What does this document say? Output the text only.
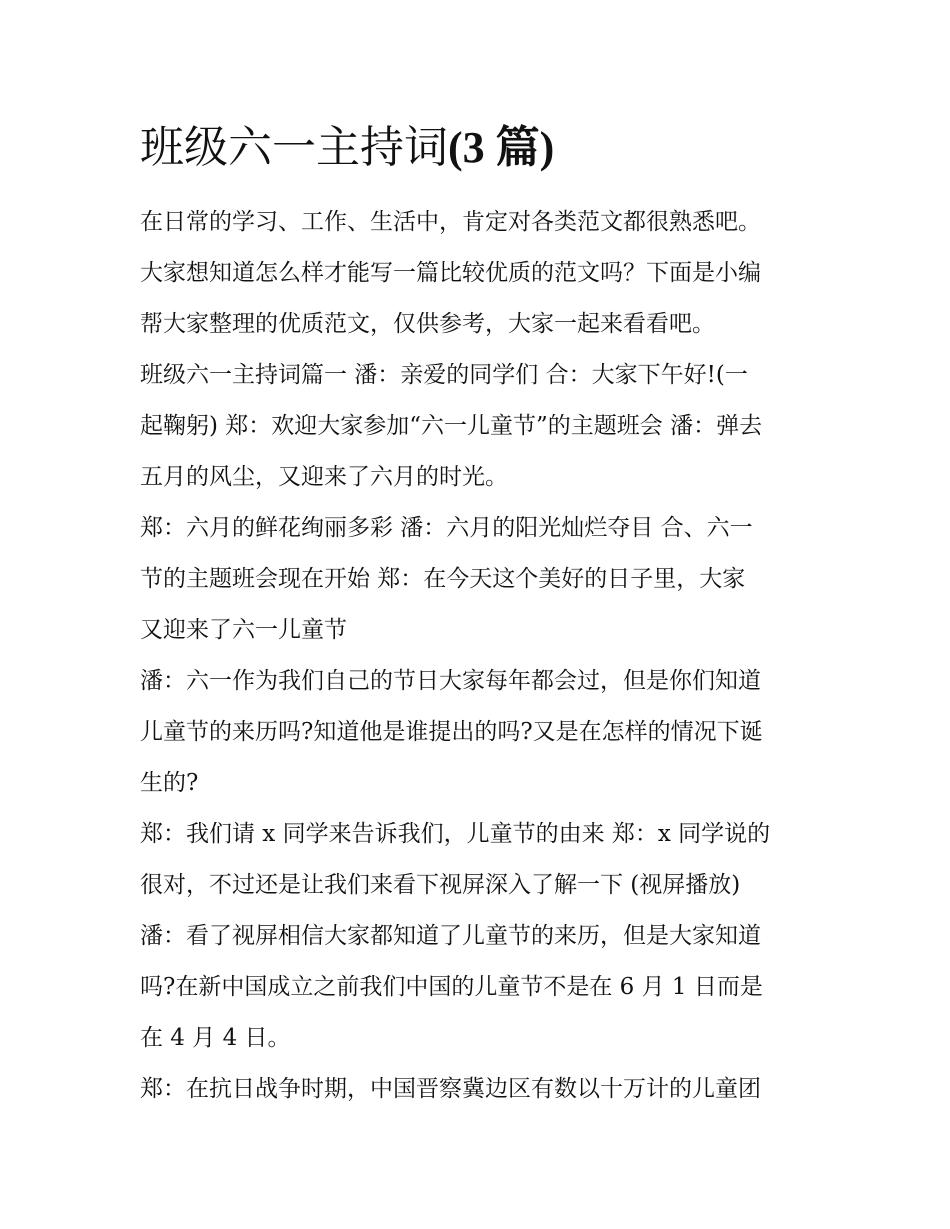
班级六一主持词(3 篇)
在日常的学习、工作、生活中，肯定对各类范文都很熟悉吧。
大家想知道怎么样才能写一篇比较优质的范文吗？下面是小编
帮大家整理的优质范文，仅供参考，大家一起来看看吧。
班级六一主持词篇一 潘：亲爱的同学们 合：大家下午好!(一
起鞠躬) 郑：欢迎大家参加“六一儿童节”的主题班会 潘：弹去
五月的风尘，又迎来了六月的时光。
郑：六月的鲜花绚丽多彩 潘：六月的阳光灿烂夺目 合、六一
节的主题班会现在开始 郑：在今天这个美好的日子里，大家
又迎来了六一儿童节
潘：六一作为我们自己的节日大家每年都会过，但是你们知道
儿童节的来历吗?知道他是谁提出的吗?又是在怎样的情况下诞
生的?
郑：我们请 x 同学来告诉我们，儿童节的由来 郑：x 同学说的
很对，不过还是让我们来看下视屏深入了解一下 (视屏播放)
潘：看了视屏相信大家都知道了儿童节的来历，但是大家知道
吗?在新中国成立之前我们中国的儿童节不是在 6 月 1 日而是
在 4 月 4 日。
郑：在抗日战争时期，中国晋察冀边区有数以十万计的儿童团
